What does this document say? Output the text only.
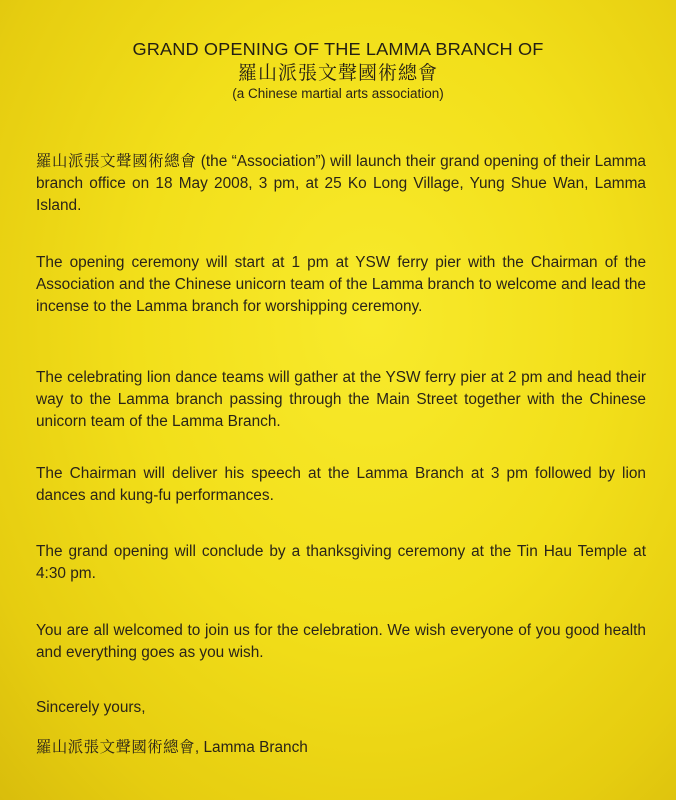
GRAND OPENING OF THE LAMMA BRANCH OF
羅山派張文聲國術總會
(a Chinese martial arts association)

羅山派張文聲國術總會 (the “Association”) will launch their grand opening of their Lamma branch office on 18 May 2008, 3 pm, at 25 Ko Long Village, Yung Shue Wan, Lamma Island.

The opening ceremony will start at 1 pm at YSW ferry pier with the Chairman of the Association and the Chinese unicorn team of the Lamma branch to welcome and lead the incense to the Lamma branch for worshipping ceremony.

The celebrating lion dance teams will gather at the YSW ferry pier at 2 pm and head their way to the Lamma branch passing through the Main Street together with the Chinese unicorn team of the Lamma Branch.

The Chairman will deliver his speech at the Lamma Branch at 3 pm followed by lion dances and kung-fu performances.

The grand opening will conclude by a thanksgiving ceremony at the Tin Hau Temple at 4:30 pm.

You are all welcomed to join us for the celebration. We wish everyone of you good health and everything goes as you wish.

Sincerely yours,

羅山派張文聲國術總會, Lamma Branch
